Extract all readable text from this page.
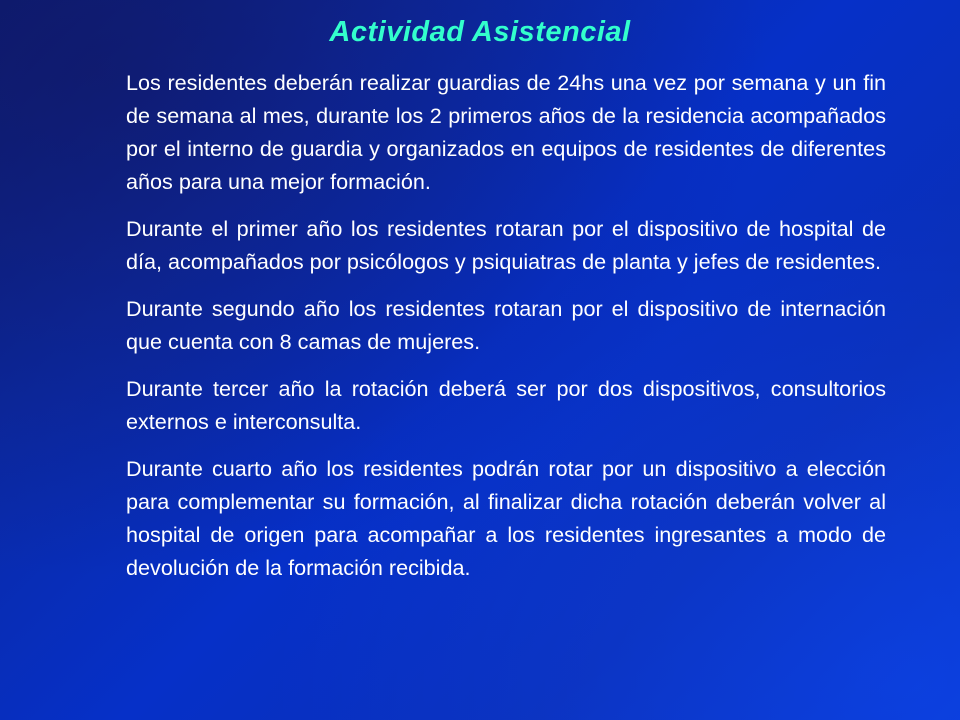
Actividad Asistencial

Los residentes deberán realizar guardias de 24hs una vez por semana y un fin de semana al mes, durante los 2 primeros años de la residencia acompañados por el interno de guardia y organizados en equipos de residentes de diferentes años para una mejor formación.

Durante el primer año los residentes rotaran por el dispositivo de hospital de día, acompañados por psicólogos y psiquiatras de planta y jefes de residentes.

Durante segundo año los residentes rotaran por el dispositivo de internación que cuenta con 8 camas de mujeres.

Durante tercer año la rotación deberá ser por dos dispositivos, consultorios externos e interconsulta.

Durante cuarto año los residentes podrán rotar por un dispositivo a elección para complementar su formación, al finalizar dicha rotación deberán volver al hospital de origen para acompañar a los residentes ingresantes a modo de devolución de la formación recibida.
